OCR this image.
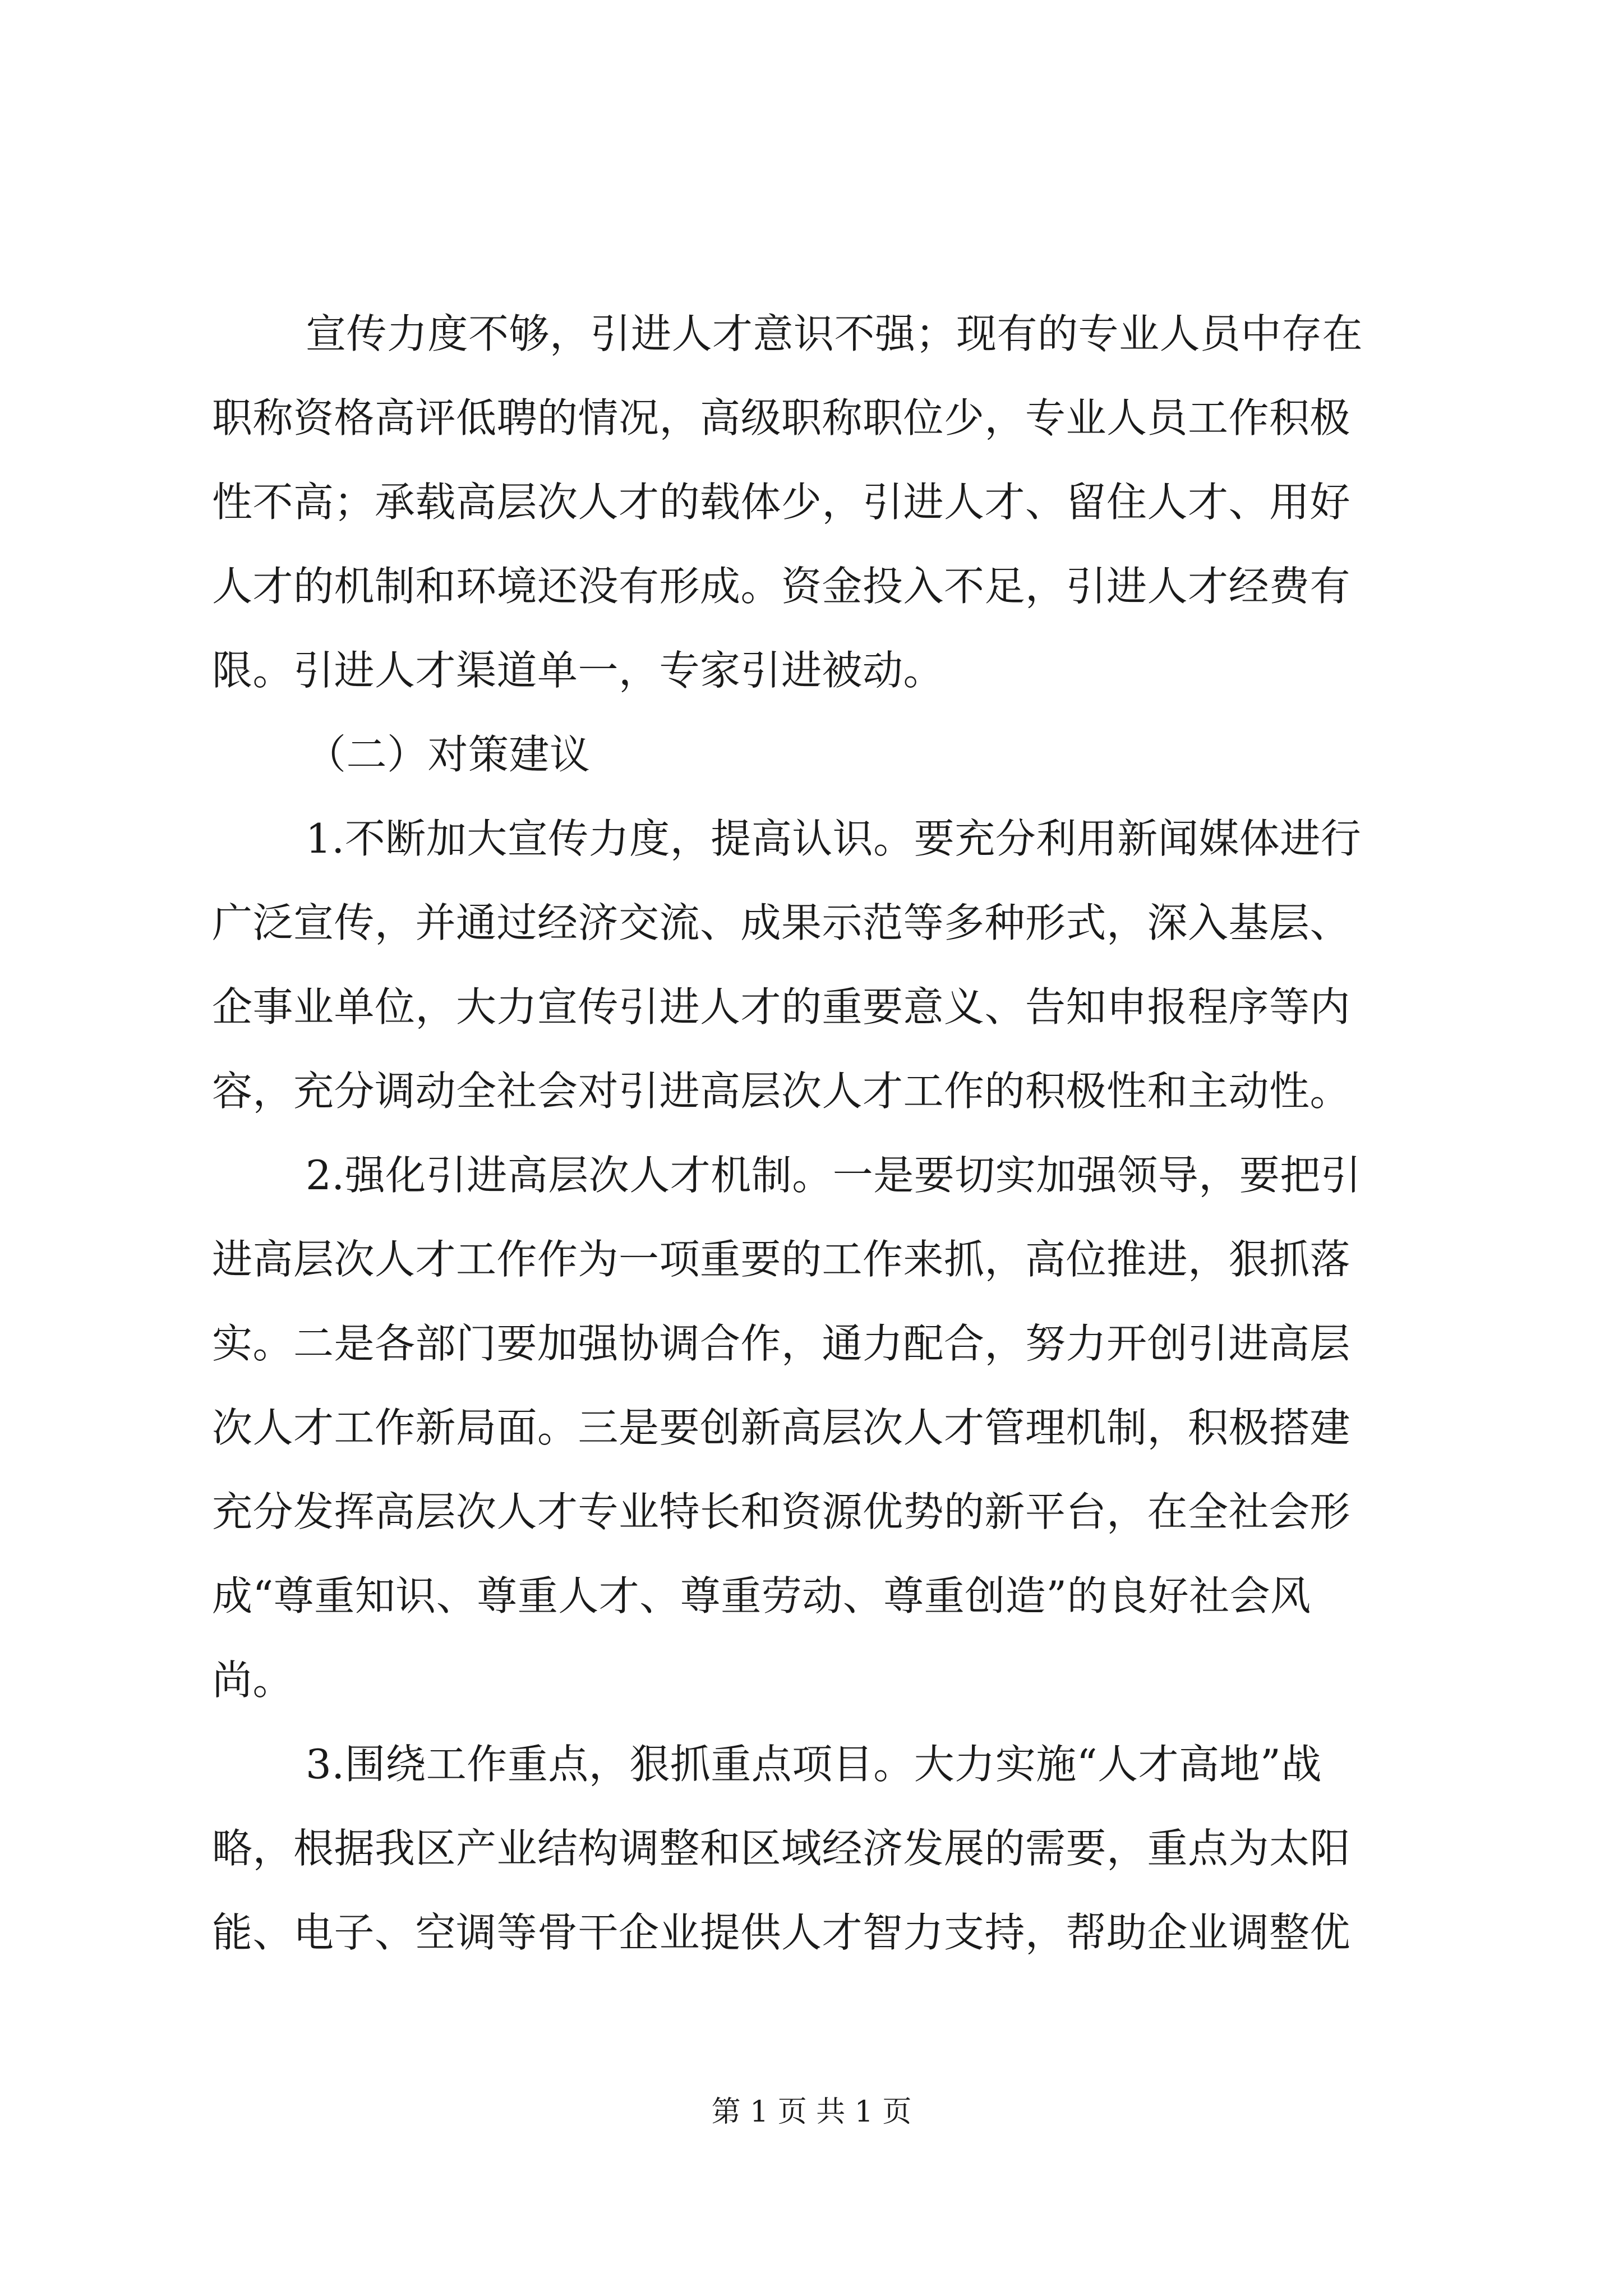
宣传力度不够，引进人才意识不强；现有的专业人员中存在
职称资格高评低聘的情况，高级职称职位少，专业人员工作积极
性不高；承载高层次人才的载体少，引进人才、留住人才、用好
人才的机制和环境还没有形成。资金投入不足，引进人才经费有
限。引进人才渠道单一，专家引进被动。
（二）对策建议
1.不断加大宣传力度，提高认识。要充分利用新闻媒体进行
广泛宣传，并通过经济交流、成果示范等多种形式，深入基层、
企事业单位，大力宣传引进人才的重要意义、告知申报程序等内
容，充分调动全社会对引进高层次人才工作的积极性和主动性。
2.强化引进高层次人才机制。一是要切实加强领导，要把引
进高层次人才工作作为一项重要的工作来抓，高位推进，狠抓落
实。二是各部门要加强协调合作，通力配合，努力开创引进高层
次人才工作新局面。三是要创新高层次人才管理机制，积极搭建
充分发挥高层次人才专业特长和资源优势的新平台，在全社会形
成“尊重知识、尊重人才、尊重劳动、尊重创造”的良好社会风
尚。
3.围绕工作重点，狠抓重点项目。大力实施“人才高地”战
略，根据我区产业结构调整和区域经济发展的需要，重点为太阳
能、电子、空调等骨干企业提供人才智力支持，帮助企业调整优
第 1 页 共 1 页
